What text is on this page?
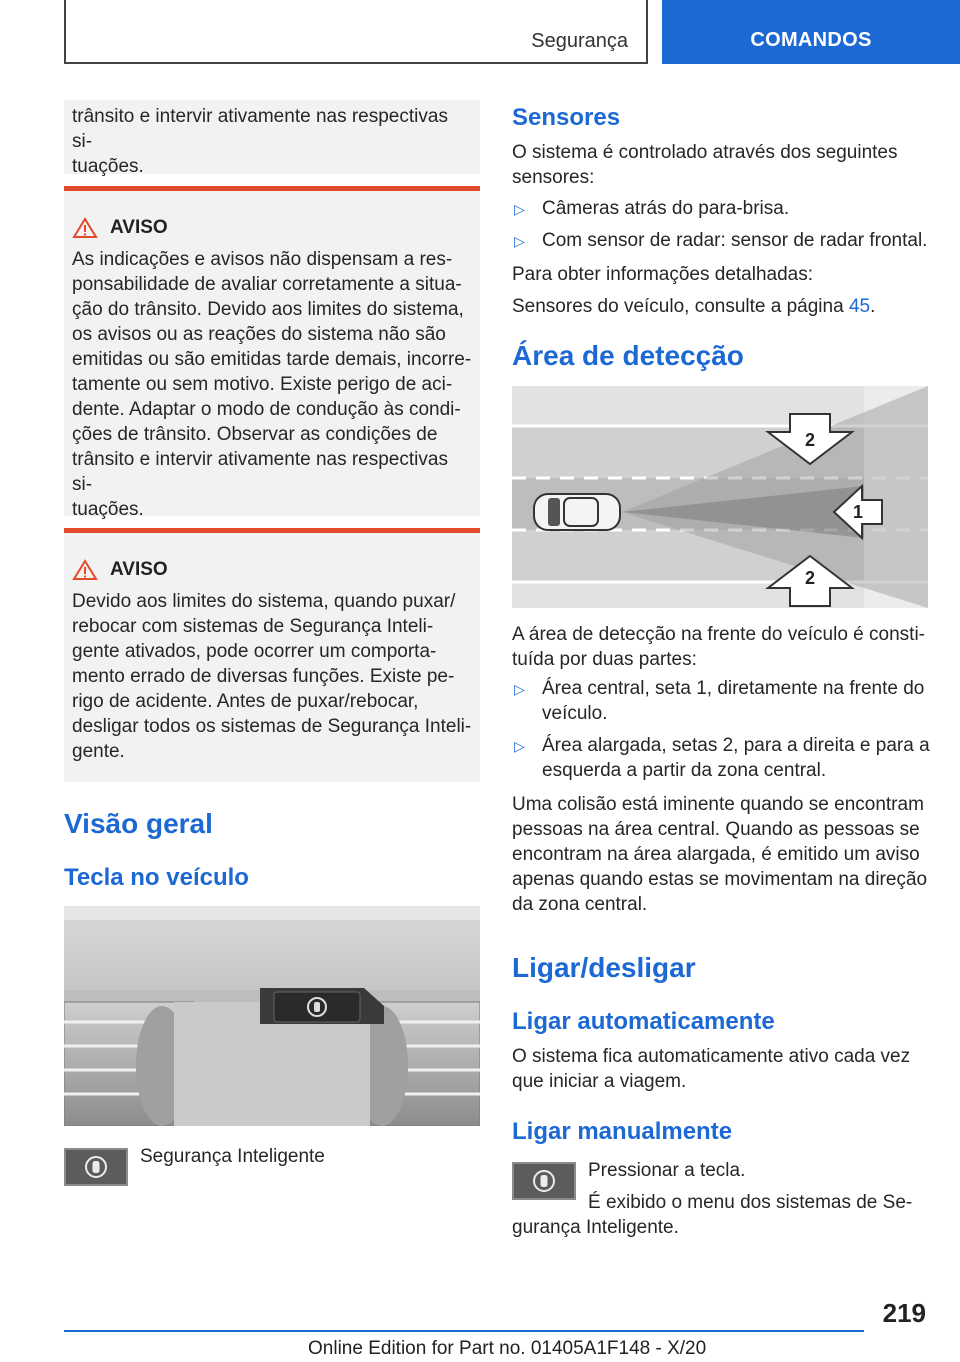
Segurança	COMANDOS
trânsito e intervir ativamente nas respectivas si-
tuações.
AVISO
As indicações e avisos não dispensam a res-
ponsabilidade de avaliar corretamente a situa-
ção do trânsito. Devido aos limites do sistema,
os avisos ou as reações do sistema não são
emitidas ou são emitidas tarde demais, incorre-
tamente ou sem motivo. Existe perigo de aci-
dente. Adaptar o modo de condução às condi-
ções de trânsito. Observar as condições de
trânsito e intervir ativamente nas respectivas si-
tuações.
AVISO
Devido aos limites do sistema, quando puxar/
rebocar com sistemas de Segurança Inteli-
gente ativados, pode ocorrer um comporta-
mento errado de diversas funções. Existe pe-
rigo de acidente. Antes de puxar/rebocar,
desligar todos os sistemas de Segurança Inteli-
gente.
Visão geral
Tecla no veículo
Segurança Inteligente
Sensores
O sistema é controlado através dos seguintes sensores:
▷ Câmeras atrás do para-brisa.
▷ Com sensor de radar: sensor de radar frontal.
Para obter informações detalhadas:
Sensores do veículo, consulte a página 45.
Área de detecção
2
1
2
A área de detecção na frente do veículo é consti-
tuída por duas partes:
▷ Área central, seta 1, diretamente na frente do
veículo.
▷ Área alargada, setas 2, para a direita e para a
esquerda a partir da zona central.
Uma colisão está iminente quando se encontram
pessoas na área central. Quando as pessoas se
encontram na área alargada, é emitido um aviso
apenas quando estas se movimentam na direção
da zona central.
Ligar/desligar
Ligar automaticamente
O sistema fica automaticamente ativo cada vez
que iniciar a viagem.
Ligar manualmente
Pressionar a tecla.
É exibido o menu dos sistemas de Se-
gurança Inteligente.
219
Online Edition for Part no. 01405A1F148 - X/20
